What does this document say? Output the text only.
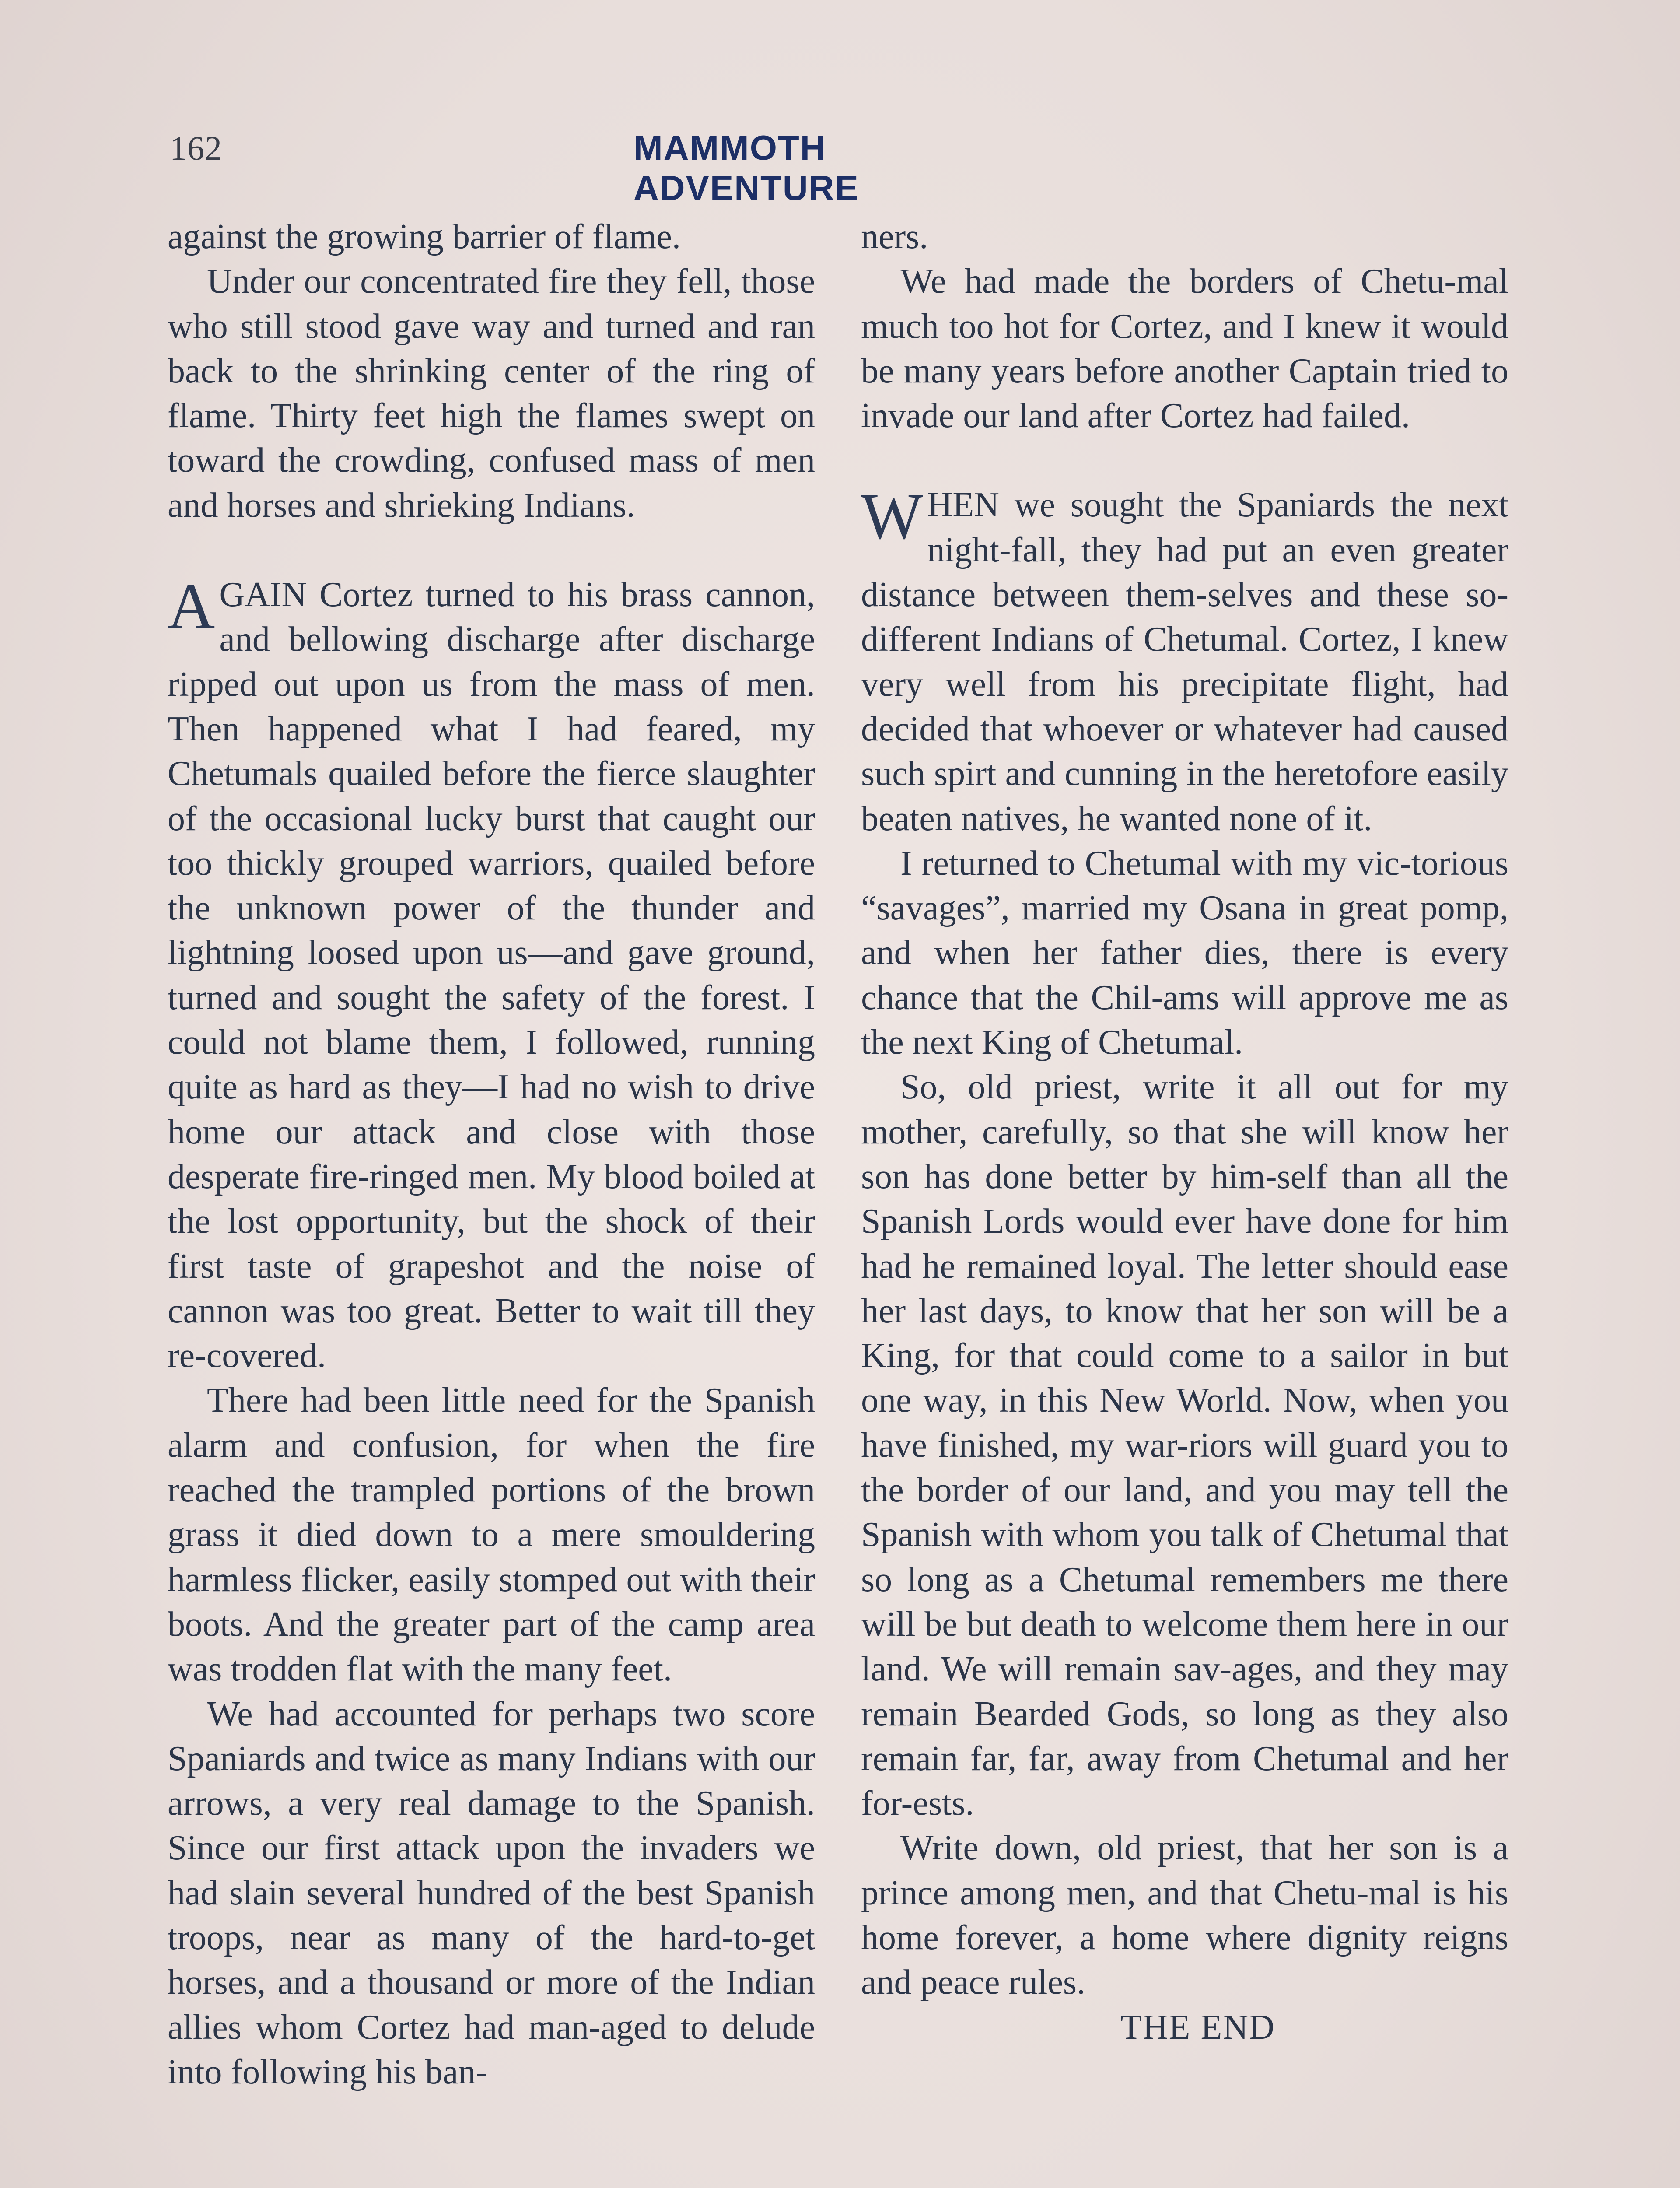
162	MAMMOTH ADVENTURE

against the growing barrier of flame.

Under our concentrated fire they fell, those who still stood gave way and turned and ran back to the shrinking center of the ring of flame. Thirty feet high the flames swept on toward the crowding, confused mass of men and horses and shrieking Indians.

AGAIN Cortez turned to his brass cannon, and bellowing discharge after discharge ripped out upon us from the mass of men. Then happened what I had feared, my Chetumals quailed before the fierce slaughter of the occasional lucky burst that caught our too thickly grouped warriors, quailed before the unknown power of the thunder and lightning loosed upon us—and gave ground, turned and sought the safety of the forest. I could not blame them, I followed, running quite as hard as they—I had no wish to drive home our attack and close with those desperate fire-ringed men. My blood boiled at the lost opportunity, but the shock of their first taste of grapeshot and the noise of cannon was too great. Better to wait till they re-covered.

There had been little need for the Spanish alarm and confusion, for when the fire reached the trampled portions of the brown grass it died down to a mere smouldering harmless flicker, easily stomped out with their boots. And the greater part of the camp area was trodden flat with the many feet.

We had accounted for perhaps two score Spaniards and twice as many Indians with our arrows, a very real damage to the Spanish. Since our first attack upon the invaders we had slain several hundred of the best Spanish troops, near as many of the hard-to-get horses, and a thousand or more of the Indian allies whom Cortez had man-aged to delude into following his ban-

ners.

We had made the borders of Chetu-mal much too hot for Cortez, and I knew it would be many years before another Captain tried to invade our land after Cortez had failed.

WHEN we sought the Spaniards the next night-fall, they had put an even greater distance between them-selves and these so-different Indians of Chetumal. Cortez, I knew very well from his precipitate flight, had decided that whoever or whatever had caused such spirt and cunning in the heretofore easily beaten natives, he wanted none of it.

I returned to Chetumal with my vic-torious “savages”, married my Osana in great pomp, and when her father dies, there is every chance that the Chil-ams will approve me as the next King of Chetumal.

So, old priest, write it all out for my mother, carefully, so that she will know her son has done better by him-self than all the Spanish Lords would ever have done for him had he remained loyal. The letter should ease her last days, to know that her son will be a King, for that could come to a sailor in but one way, in this New World. Now, when you have finished, my war-riors will guard you to the border of our land, and you may tell the Spanish with whom you talk of Chetumal that so long as a Chetumal remembers me there will be but death to welcome them here in our land. We will remain sav-ages, and they may remain Bearded Gods, so long as they also remain far, far, away from Chetumal and her for-ests.

Write down, old priest, that her son is a prince among men, and that Chetu-mal is his home forever, a home where dignity reigns and peace rules.

THE END
